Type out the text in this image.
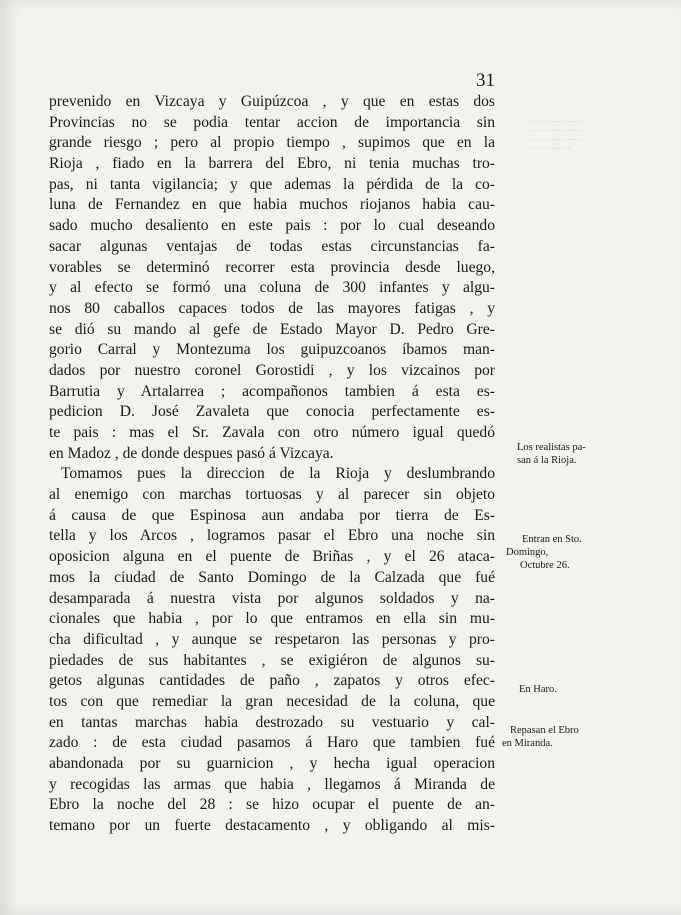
·······················
·······················
·······················
··················
31
prevenido en Vizcaya y Guipúzcoa , y que en estas dos
Provincias no se podia tentar accion de importancia sin
grande riesgo ; pero al propio tiempo , supimos que en la
Rioja , fiado en la barrera del Ebro, ni tenia muchas tro-
pas, ni tanta vigilancia; y que ademas la pérdida de la co-
luna de Fernandez en que habia muchos riojanos habia cau-
sado mucho desaliento en este pais : por lo cual deseando
sacar algunas ventajas de todas estas circunstancias fa-
vorables se determinó recorrer esta provincia desde luego,
y al efecto se formó una coluna de 300 infantes y algu-
nos 80 caballos capaces todos de las mayores fatigas , y
se dió su mando al gefe de Estado Mayor D. Pedro Gre-
gorio Carral y Montezuma los guipuzcoanos íbamos man-
dados por nuestro coronel Gorostidi , y los vizcainos por
Barrutia y Artalarrea ; acompañonos tambien á esta es-
pedicion D. José Zavaleta que conocia perfectamente es-
te pais : mas el Sr. Zavala con otro número igual quedó
en Madoz , de donde despues pasó á Vizcaya.
Tomamos pues la direccion de la Rioja y deslumbrando
al enemigo con marchas tortuosas y al parecer sin objeto
á causa de que Espinosa aun andaba por tierra de Es-
tella y los Arcos , logramos pasar el Ebro una noche sin
oposicion alguna en el puente de Briñas , y el 26 ataca-
mos la ciudad de Santo Domingo de la Calzada que fué
desamparada á nuestra vista por algunos soldados y na-
cionales que habia , por lo que entramos en ella sin mu-
cha dificultad , y aunque se respetaron las personas y pro-
piedades de sus habitantes , se exigiéron de algunos su-
getos algunas cantidades de paño , zapatos y otros efec-
tos con que remediar la gran necesidad de la coluna, que
en tantas marchas habia destrozado su vestuario y cal-
zado : de esta ciudad pasamos á Haro que tambien fué
abandonada por su guarnicion , y hecha igual operacion
y recogidas las armas que habia , llegamos á Miranda de
Ebro la noche del 28 : se hizo ocupar el puente de an-
temano por un fuerte destacamento , y obligando al mis-
Los realistas pa-
san á la Rioja.
Entran en Sto.
Domingo,
Octubre 26.
En Haro.
Repasan el Ebro
en Miranda.
